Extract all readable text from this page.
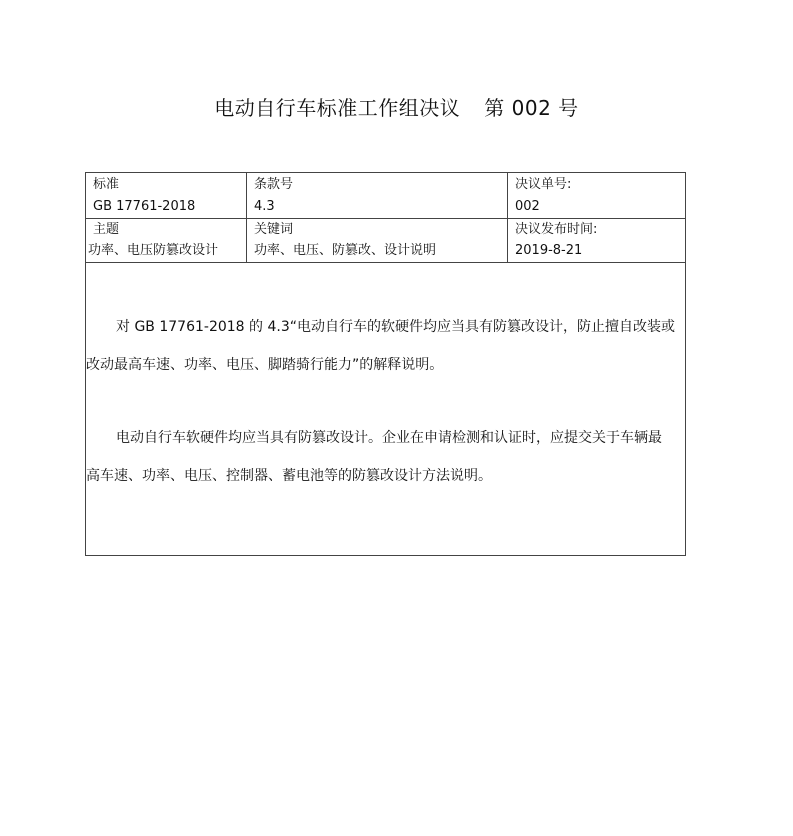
电动自行车标准工作组决议 第 002 号
标准
GB 17761-2018
条款号
4.3
决议单号:
002
主题
功率、电压防篡改设计
关键词
功率、电压、防篡改、设计说明
决议发布时间:
2019-8-21
对 GB 17761-2018 的 4.3“电动自行车的软硬件均应当具有防篡改设计，防止擅自改装或改动最高车速、功率、电压、脚踏骑行能力”的解释说明。
电动自行车软硬件均应当具有防篡改设计。企业在申请检测和认证时，应提交关于车辆最高车速、功率、电压、控制器、蓄电池等的防篡改设计方法说明。
